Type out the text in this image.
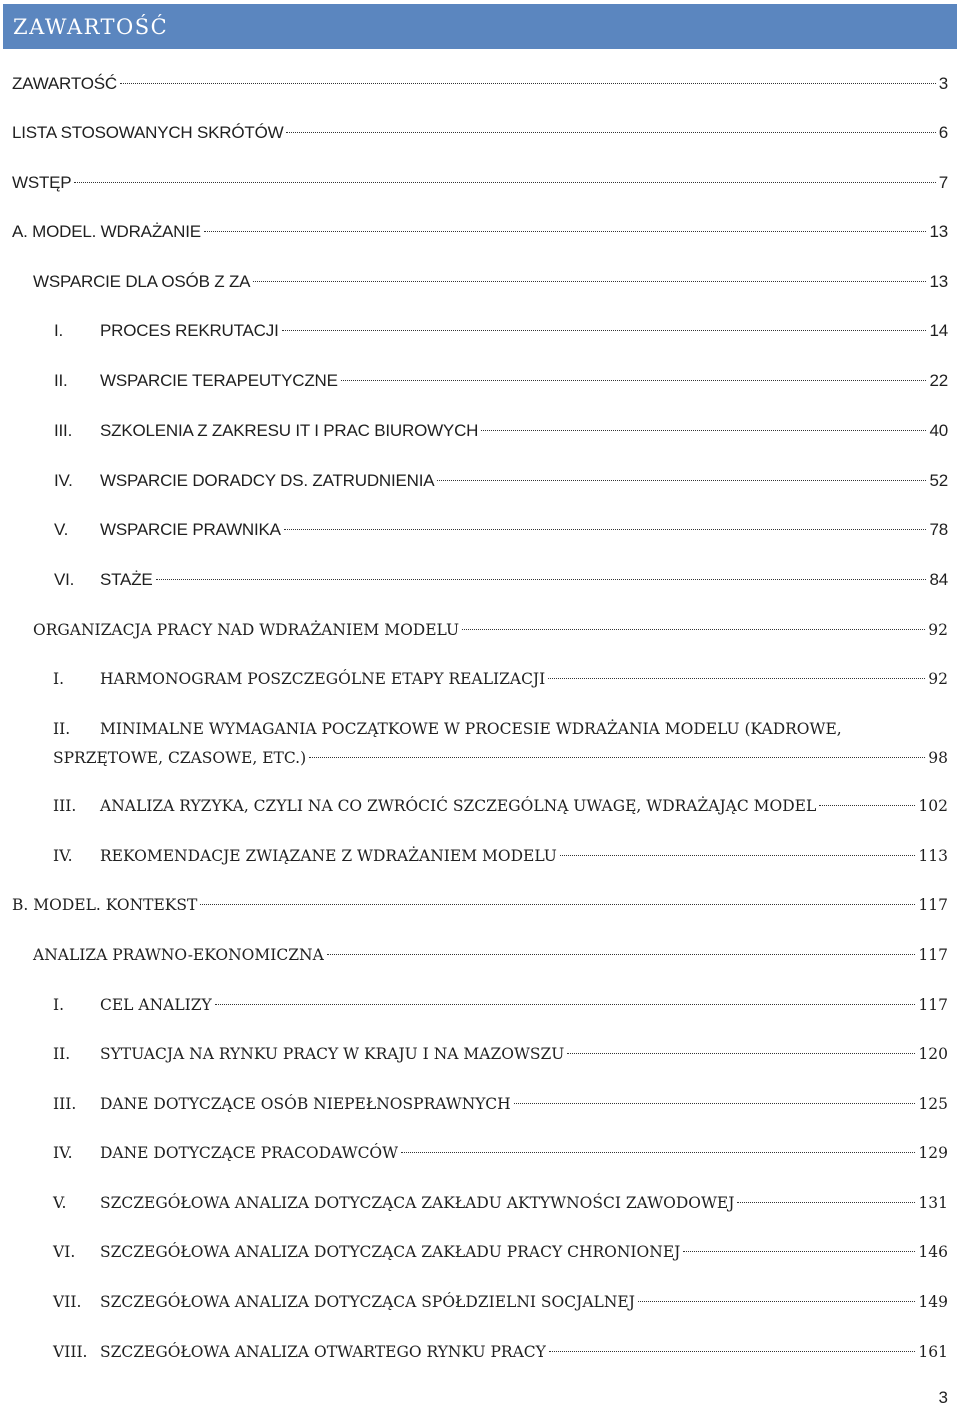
ZAWARTOŚĆ
ZAWARTOŚĆ	3
LISTA STOSOWANYCH SKRÓTÓW	6
WSTĘP	7
A. MODEL. WDRAŻANIE	13
WSPARCIE DLA OSÓB Z ZA	13
I. PROCES REKRUTACJI	14
II. WSPARCIE TERAPEUTYCZNE	22
III. SZKOLENIA Z ZAKRESU IT I PRAC BIUROWYCH	40
IV. WSPARCIE DORADCY DS. ZATRUDNIENIA	52
V. WSPARCIE PRAWNIKA	78
VI. STAŻE	84
ORGANIZACJA PRACY NAD WDRAŻANIEM MODELU	92
I. HARMONOGRAM POSZCZEGÓLNE ETAPY REALIZACJI	92
II. MINIMALNE WYMAGANIA POCZĄTKOWE W PROCESIE WDRAŻANIA MODELU (KADROWE,
SPRZĘTOWE, CZASOWE, ETC.)	98
III. ANALIZA RYZYKA, CZYLI NA CO ZWRÓCIĆ SZCZEGÓLNĄ UWAGĘ, WDRAŻAJĄC MODEL	102
IV. REKOMENDACJE ZWIĄZANE Z WDRAŻANIEM MODELU	113
B. MODEL. KONTEKST	117
ANALIZA PRAWNO-EKONOMICZNA	117
I. CEL ANALIZY	117
II. SYTUACJA NA RYNKU PRACY W KRAJU I NA MAZOWSZU	120
III. DANE DOTYCZĄCE OSÓB NIEPEŁNOSPRAWNYCH	125
IV. DANE DOTYCZĄCE PRACODAWCÓW	129
V. SZCZEGÓŁOWA ANALIZA DOTYCZĄCA ZAKŁADU AKTYWNOŚCI ZAWODOWEJ	131
VI. SZCZEGÓŁOWA ANALIZA DOTYCZĄCA ZAKŁADU PRACY CHRONIONEJ	146
VII. SZCZEGÓŁOWA ANALIZA DOTYCZĄCA SPÓŁDZIELNI SOCJALNEJ	149
VIII. SZCZEGÓŁOWA ANALIZA OTWARTEGO RYNKU PRACY	161
3
